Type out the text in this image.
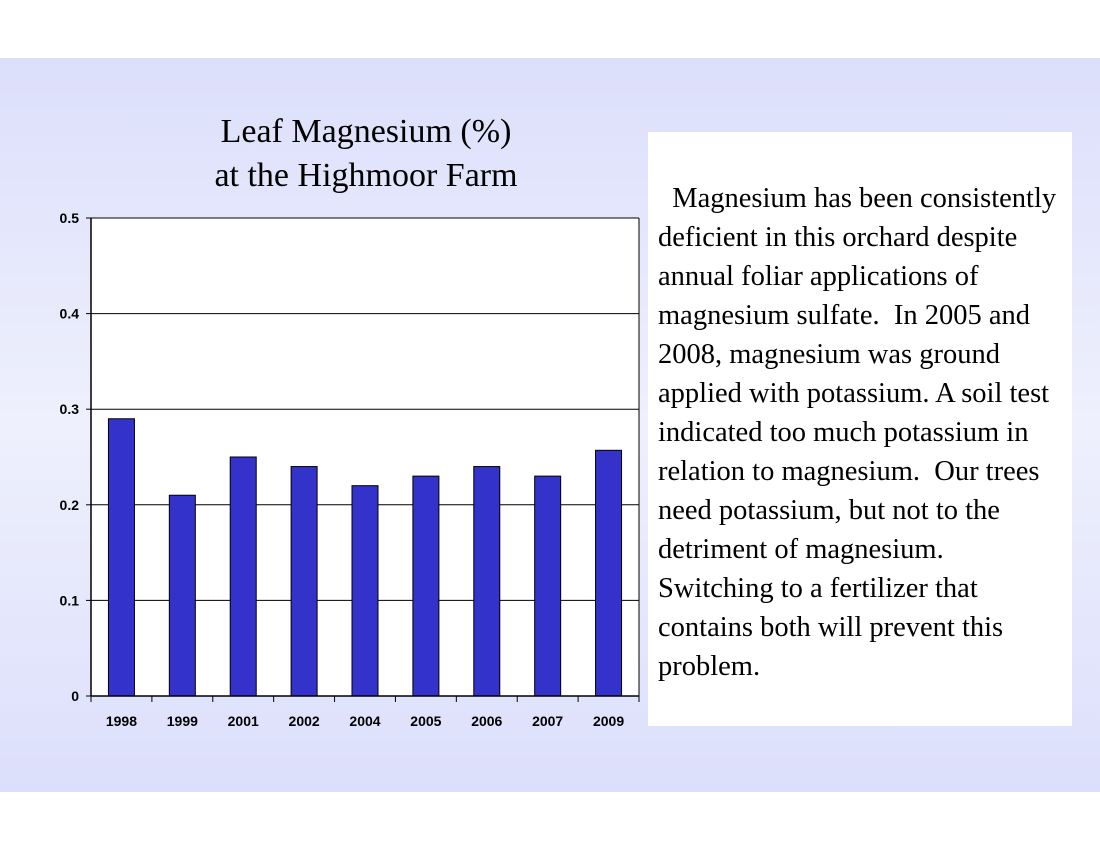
Leaf Magnesium (%)
at the Highmoor Farm
0
0.1
0.2
0.3
0.4
0.5
1998 1999 2001 2002 2004 2005 2006 2007 2009

Magnesium has been consistently deficient in this orchard despite annual foliar applications of magnesium sulfate.  In 2005 and 2008, magnesium was ground applied with potassium. A soil test indicated too much potassium in relation to magnesium.  Our trees need potassium, but not to the detriment of magnesium.  Switching to a fertilizer that contains both will prevent this problem.
